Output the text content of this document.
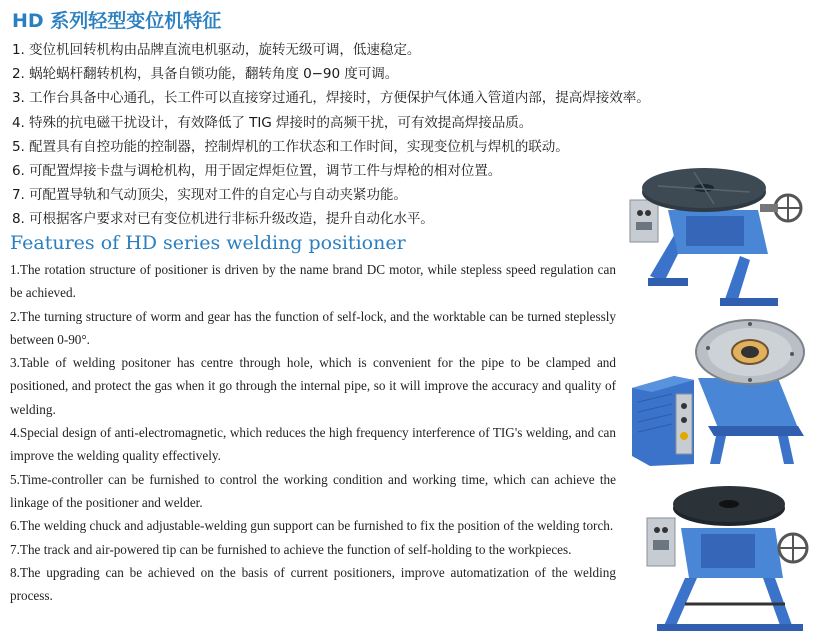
HD 系列轻型变位机特征
1. 变位机回转机构由品牌直流电机驱动，旋转无级可调，低速稳定。
2. 蜗轮蜗杆翻转机构，具备自锁功能，翻转角度 0−90 度可调。
3. 工作台具备中心通孔，长工件可以直接穿过通孔，焊接时，方便保护气体通入管道内部，提高焊接效率。
4. 特殊的抗电磁干扰设计，有效降低了 TIG 焊接时的高频干扰，可有效提高焊接品质。
5. 配置具有自控功能的控制器，控制焊机的工作状态和工作时间，实现变位机与焊机的联动。
6. 可配置焊接卡盘与调枪机构，用于固定焊炬位置，调节工件与焊枪的相对位置。
7. 可配置导轨和气动顶尖，实现对工件的自定心与自动夹紧功能。
8. 可根据客户要求对已有变位机进行非标升级改造，提升自动化水平。
Features of HD series welding positioner
1.The rotation structure of positioner is driven by the name brand DC motor, while stepless speed regulation can be achieved.
2.The turning structure of worm and gear has the function of self-lock, and the worktable can be turned steplessly between 0-90°.
3.Table of welding positoner has centre through hole, which is convenient for the pipe to be clamped and positioned, and protect the gas when it go through the internal pipe, so it will improve the accuracy and quality of welding.
4.Special design of anti-electromagnetic, which reduces the high frequency interference of TIG's welding, and can improve the welding quality effectively.
5.Time-controller can be furnished to control the working condition and working time, which can achieve the linkage of the positioner and welder.
6.The welding chuck and adjustable-welding gun support can be furnished to fix the position of the welding torch.
7.The track and air-powered tip can be furnished to achieve the function of self-holding to the workpieces.
8.The upgrading can be achieved on the basis of current positioners, improve automatization of the welding process.
